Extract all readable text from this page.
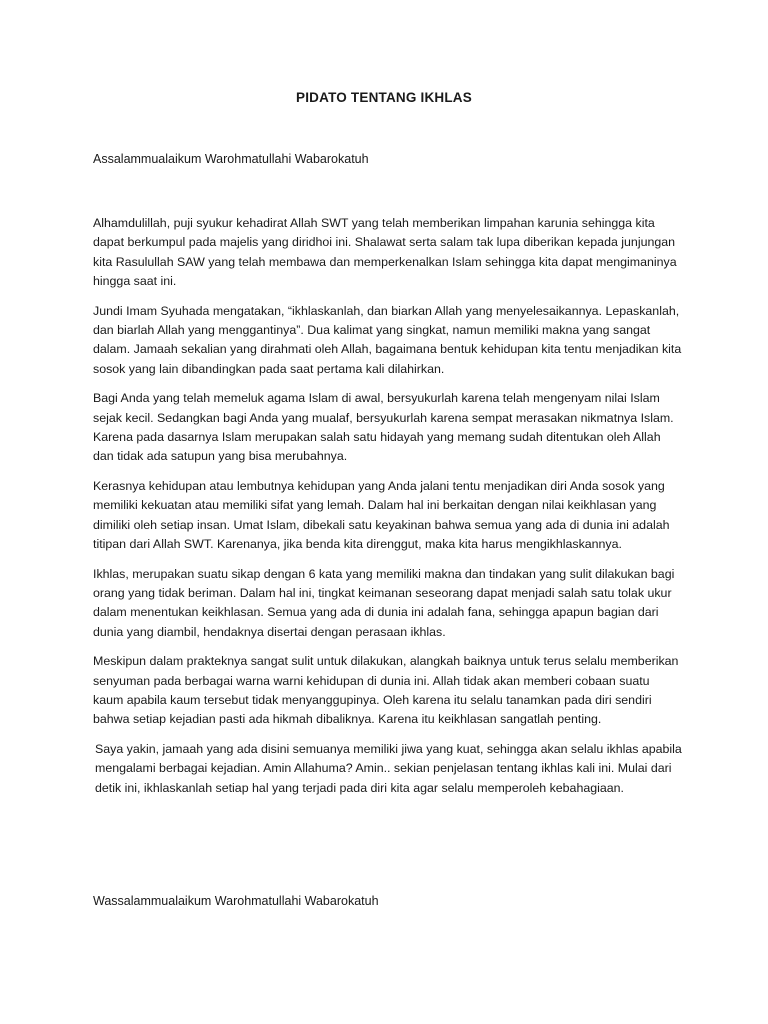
PIDATO TENTANG IKHLAS
Assalammualaikum Warohmatullahi Wabarokatuh

Alhamdulillah, puji syukur kehadirat Allah SWT yang telah memberikan limpahan karunia sehingga kita dapat berkumpul pada majelis yang diridhoi ini. Shalawat serta salam tak lupa diberikan kepada junjungan kita Rasulullah SAW yang telah membawa dan memperkenalkan Islam sehingga kita dapat mengimaninya hingga saat ini.

Jundi Imam Syuhada mengatakan, “ikhlaskanlah, dan biarkan Allah yang menyelesaikannya. Lepaskanlah, dan biarlah Allah yang menggantinya”. Dua kalimat yang singkat, namun memiliki makna yang sangat dalam. Jamaah sekalian yang dirahmati oleh Allah, bagaimana bentuk kehidupan kita tentu menjadikan kita sosok yang lain dibandingkan pada saat pertama kali dilahirkan.

Bagi Anda yang telah memeluk agama Islam di awal, bersyukurlah karena telah mengenyam nilai Islam sejak kecil. Sedangkan bagi Anda yang mualaf, bersyukurlah karena sempat merasakan nikmatnya Islam. Karena pada dasarnya Islam merupakan salah satu hidayah yang memang sudah ditentukan oleh Allah dan tidak ada satupun yang bisa merubahnya.

Kerasnya kehidupan atau lembutnya kehidupan yang Anda jalani tentu menjadikan diri Anda sosok yang memiliki kekuatan atau memiliki sifat yang lemah. Dalam hal ini berkaitan dengan nilai keikhlasan yang dimiliki oleh setiap insan. Umat Islam, dibekali satu keyakinan bahwa semua yang ada di dunia ini adalah titipan dari Allah SWT. Karenanya, jika benda kita direnggut, maka kita harus mengikhlaskannya.

Ikhlas, merupakan suatu sikap dengan 6 kata yang memiliki makna dan tindakan yang sulit dilakukan bagi orang yang tidak beriman. Dalam hal ini, tingkat keimanan seseorang dapat menjadi salah satu tolak ukur dalam menentukan keikhlasan. Semua yang ada di dunia ini adalah fana, sehingga apapun bagian dari dunia yang diambil, hendaknya disertai dengan perasaan ikhlas.

Meskipun dalam prakteknya sangat sulit untuk dilakukan, alangkah baiknya untuk terus selalu memberikan senyuman pada berbagai warna warni kehidupan di dunia ini. Allah tidak akan memberi cobaan suatu kaum apabila kaum tersebut tidak menyanggupinya. Oleh karena itu selalu tanamkan pada diri sendiri bahwa setiap kejadian pasti ada hikmah dibaliknya. Karena itu keikhlasan sangatlah penting.

Saya yakin, jamaah yang ada disini semuanya memiliki jiwa yang kuat, sehingga akan selalu ikhlas apabila mengalami berbagai kejadian. Amin Allahuma? Amin.. sekian penjelasan tentang ikhlas kali ini. Mulai dari detik ini, ikhlaskanlah setiap hal yang terjadi pada diri kita agar selalu memperoleh kebahagiaan.

Wassalammualaikum Warohmatullahi Wabarokatuh
